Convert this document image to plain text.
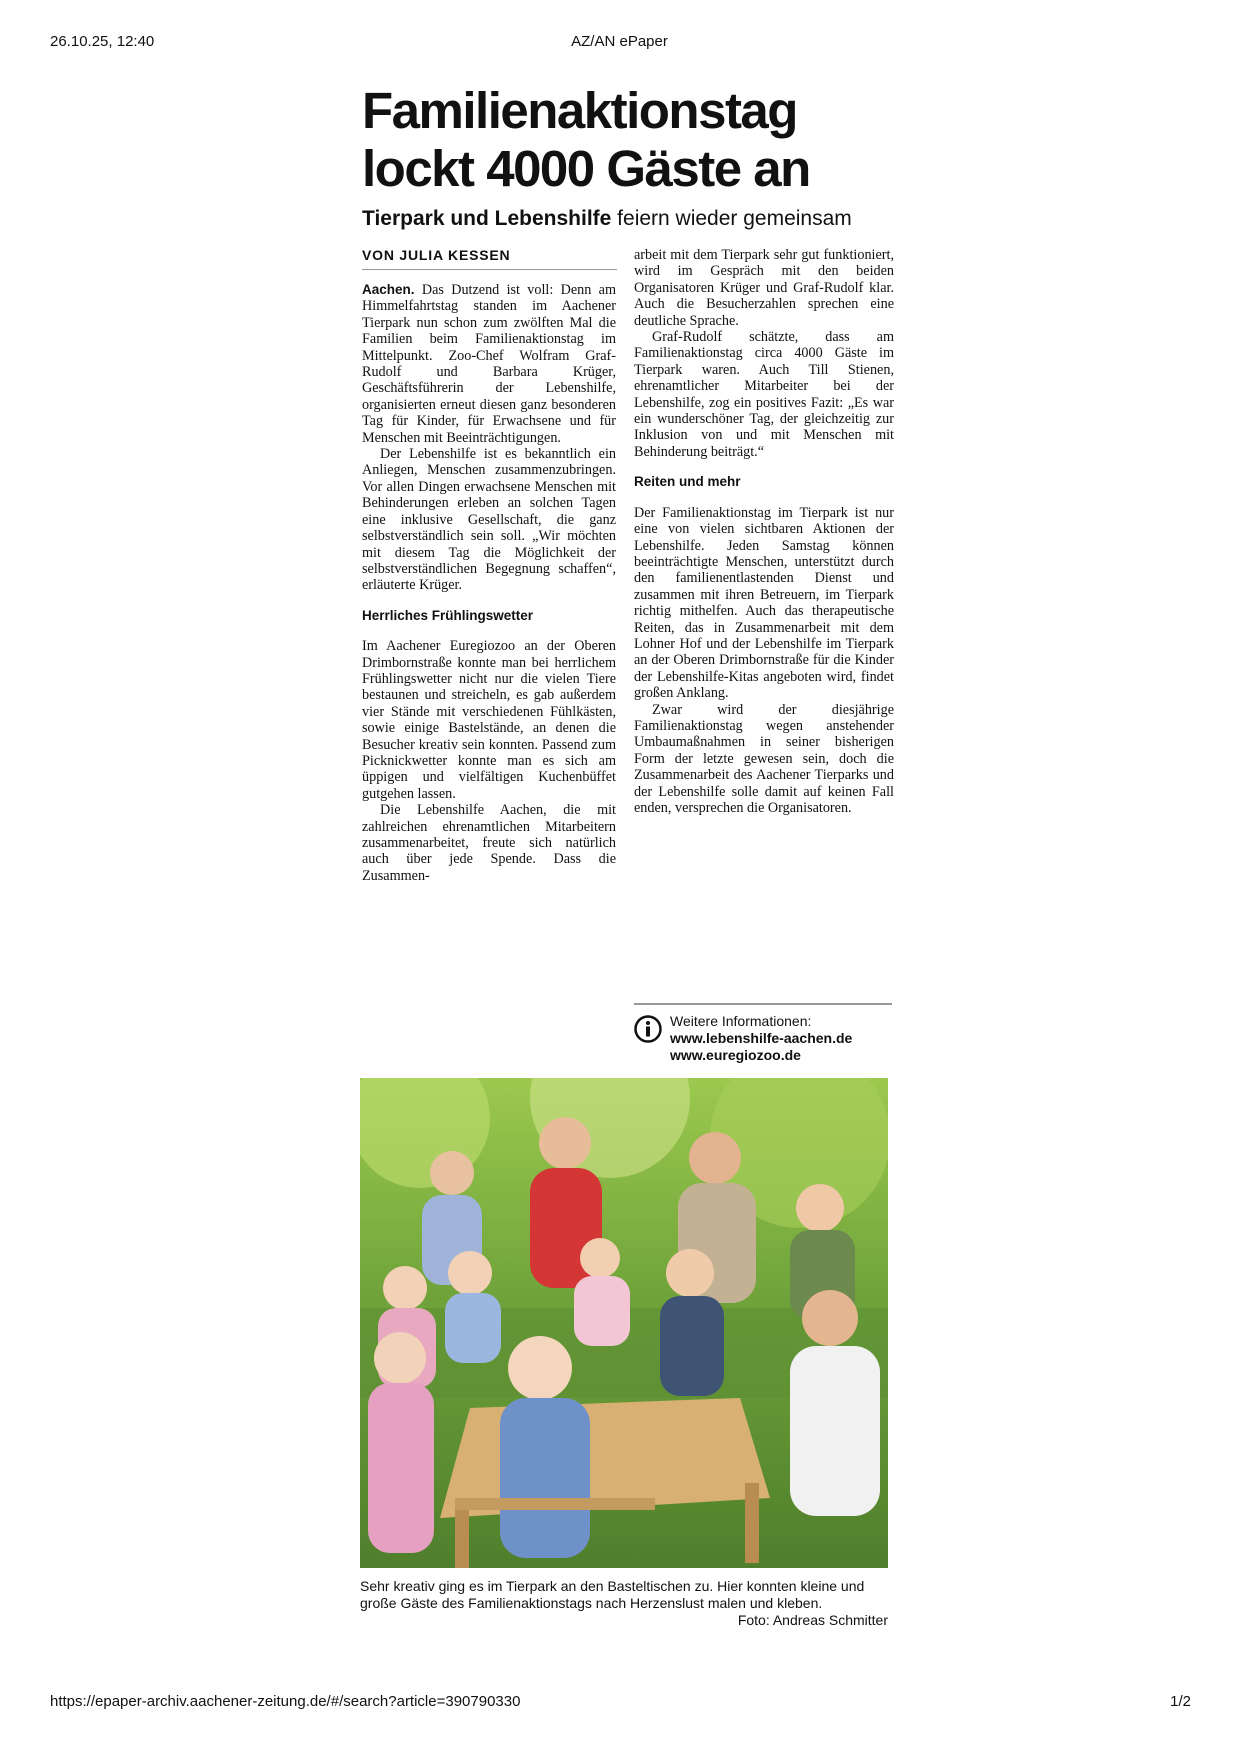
26.10.25, 12:40	AZ/AN ePaper
Familienaktionstag
lockt 4000 Gäste an
Tierpark und Lebenshilfe feiern wieder gemeinsam
VON JULIA KESSEN

Aachen. Das Dutzend ist voll: Denn am Himmelfahrtstag standen im Aachener Tierpark nun schon zum zwölften Mal die Familien beim Familienaktionstag im Mittelpunkt. Zoo-Chef Wolfram Graf-Rudolf und Barbara Krüger, Geschäftsführerin der Lebenshilfe, organisierten erneut diesen ganz besonderen Tag für Kinder, für Erwachsene und für Menschen mit Beeinträchtigungen.

Der Lebenshilfe ist es bekanntlich ein Anliegen, Menschen zusammenzubringen. Vor allen Dingen erwachsene Menschen mit Behinderungen erleben an solchen Tagen eine inklusive Gesellschaft, die ganz selbstverständlich sein soll. „Wir möchten mit diesem Tag die Möglichkeit der selbstverständlichen Begegnung schaffen“, erläuterte Krüger.

Herrliches Frühlingswetter

Im Aachener Euregiozoo an der Oberen Drimbornstraße konnte man bei herrlichem Frühlingswetter nicht nur die vielen Tiere bestaunen und streicheln, es gab außerdem vier Stände mit verschiedenen Fühlkästen, sowie einige Bastelstände, an denen die Besucher kreativ sein konnten. Passend zum Picknickwetter konnte man es sich am üppigen und vielfältigen Kuchenbüffet gutgehen lassen.

Die Lebenshilfe Aachen, die mit zahlreichen ehrenamtlichen Mitarbeitern zusammenarbeitet, freute sich natürlich auch über jede Spende. Dass die Zusammen-

arbeit mit dem Tierpark sehr gut funktioniert, wird im Gespräch mit den beiden Organisatoren Krüger und Graf-Rudolf klar. Auch die Besucherzahlen sprechen eine deutliche Sprache.

Graf-Rudolf schätzte, dass am Familienaktionstag circa 4000 Gäste im Tierpark waren. Auch Till Stienen, ehrenamtlicher Mitarbeiter bei der Lebenshilfe, zog ein positives Fazit: „Es war ein wunderschöner Tag, der gleichzeitig zur Inklusion von und mit Menschen mit Behinderung beiträgt.“

Reiten und mehr

Der Familienaktionstag im Tierpark ist nur eine von vielen sichtbaren Aktionen der Lebenshilfe. Jeden Samstag können beeinträchtigte Menschen, unterstützt durch den familienentlastenden Dienst und zusammen mit ihren Betreuern, im Tierpark richtig mithelfen. Auch das therapeutische Reiten, das in Zusammenarbeit mit dem Lohner Hof und der Lebenshilfe im Tierpark an der Oberen Drimbornstraße für die Kinder der Lebenshilfe-Kitas angeboten wird, findet großen Anklang.

Zwar wird der diesjährige Familienaktionstag wegen anstehender Umbaumaßnahmen in seiner bisherigen Form der letzte gewesen sein, doch die Zusammenarbeit des Aachener Tierparks und der Lebenshilfe solle damit auf keinen Fall enden, versprechen die Organisatoren.

Weitere Informationen:
www.lebenshilfe-aachen.de
www.euregiozoo.de
Sehr kreativ ging es im Tierpark an den Basteltischen zu. Hier konnten kleine und große Gäste des Familienaktionstags nach Herzenslust malen und kleben.
Foto: Andreas Schmitter
https://epaper-archiv.aachener-zeitung.de/#/search?article=390790330	1/2
